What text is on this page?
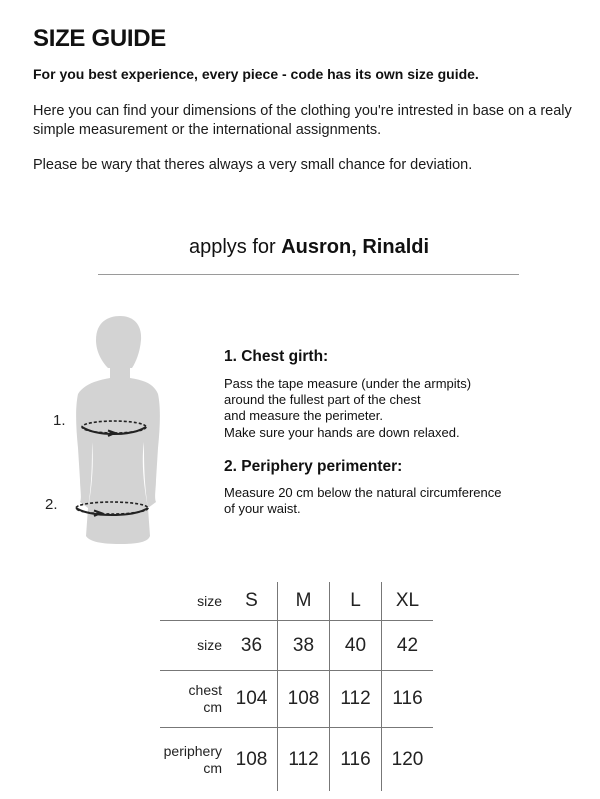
SIZE GUIDE
For you best experience, every piece - code has its own size guide.
Here you can find your dimensions of the clothing you're intrested in base on a realy simple measurement or the international assignments.
Please be wary that theres always a very small chance for deviation.
applys for Ausron, Rinaldi
1.
2.
1. Chest girth:
Pass the tape measure (under the armpits)
around the fullest part of the chest
and measure the perimeter.
Make sure your hands are down relaxed.
2. Periphery perimenter:
Measure 20 cm below the natural circumference
of your waist.
size	S	M	L	XL

size	36	38	40	42

chest
cm	104	108	112	116

periphery
cm	108	112	116	120
